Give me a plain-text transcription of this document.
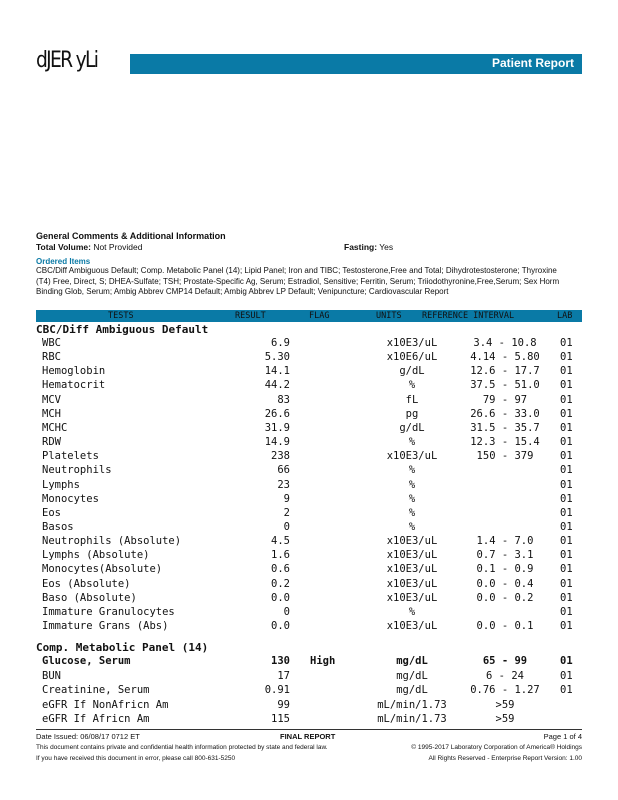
dJER yLi	Patient Report
General Comments & Additional Information
Total Volume: Not Provided	Fasting: Yes
Ordered Items
CBC/Diff Ambiguous Default; Comp. Metabolic Panel (14); Lipid Panel; Iron and TIBC; Testosterone,Free and Total; Dihydrotestosterone; Thyroxine (T4) Free, Direct, S; DHEA-Sulfate; TSH; Prostate-Specific Ag, Serum; Estradiol, Sensitive; Ferritin, Serum; Triiodothyronine,Free,Serum; Sex Horm Binding Glob, Serum; Ambig Abbrev CMP14 Default; Ambig Abbrev LP Default; Venipuncture; Cardiovascular Report
TESTS	RESULT	FLAG	UNITS REFERENCE INTERVAL	LAB
CBC/Diff Ambiguous Default
WBC	6.9	x10E3/uL	3.4 - 10.8	01
RBC	5.30	x10E6/uL	4.14 - 5.80	01
Hemoglobin	14.1	g/dL	12.6 - 17.7	01
Hematocrit	44.2	%	37.5 - 51.0	01
MCV	83	fL	79 - 97	01
MCH	26.6	pg	26.6 - 33.0	01
MCHC	31.9	g/dL	31.5 - 35.7	01
RDW	14.9	%	12.3 - 15.4	01
Platelets	238	x10E3/uL	150 - 379	01
Neutrophils	66	%	01
Lymphs	23	%	01
Monocytes	9	%	01
Eos	2	%	01
Basos	0	%	01
Neutrophils (Absolute)	4.5	x10E3/uL	1.4 - 7.0	01
Lymphs (Absolute)	1.6	x10E3/uL	0.7 - 3.1	01
Monocytes(Absolute)	0.6	x10E3/uL	0.1 - 0.9	01
Eos (Absolute)	0.2	x10E3/uL	0.0 - 0.4	01
Baso (Absolute)	0.0	x10E3/uL	0.0 - 0.2	01
Immature Granulocytes	0	%	01
Immature Grans (Abs)	0.0	x10E3/uL	0.0 - 0.1	01
Comp. Metabolic Panel (14)
Glucose, Serum	130 High	mg/dL	65 - 99	01
BUN	17	mg/dL	6 - 24	01
Creatinine, Serum	0.91	mg/dL	0.76 - 1.27	01
eGFR If NonAfricn Am	99	mL/min/1.73	>59
eGFR If Africn Am	115	mL/min/1.73	>59
Date Issued: 06/08/17 0712 ET	FINAL REPORT	Page 1 of 4
This document contains private and confidential health information protected by state and federal law.	© 1995-2017 Laboratory Corporation of America® Holdings
If you have received this document in error, please call 800-631-5250	All Rights Reserved - Enterprise Report Version: 1.00
